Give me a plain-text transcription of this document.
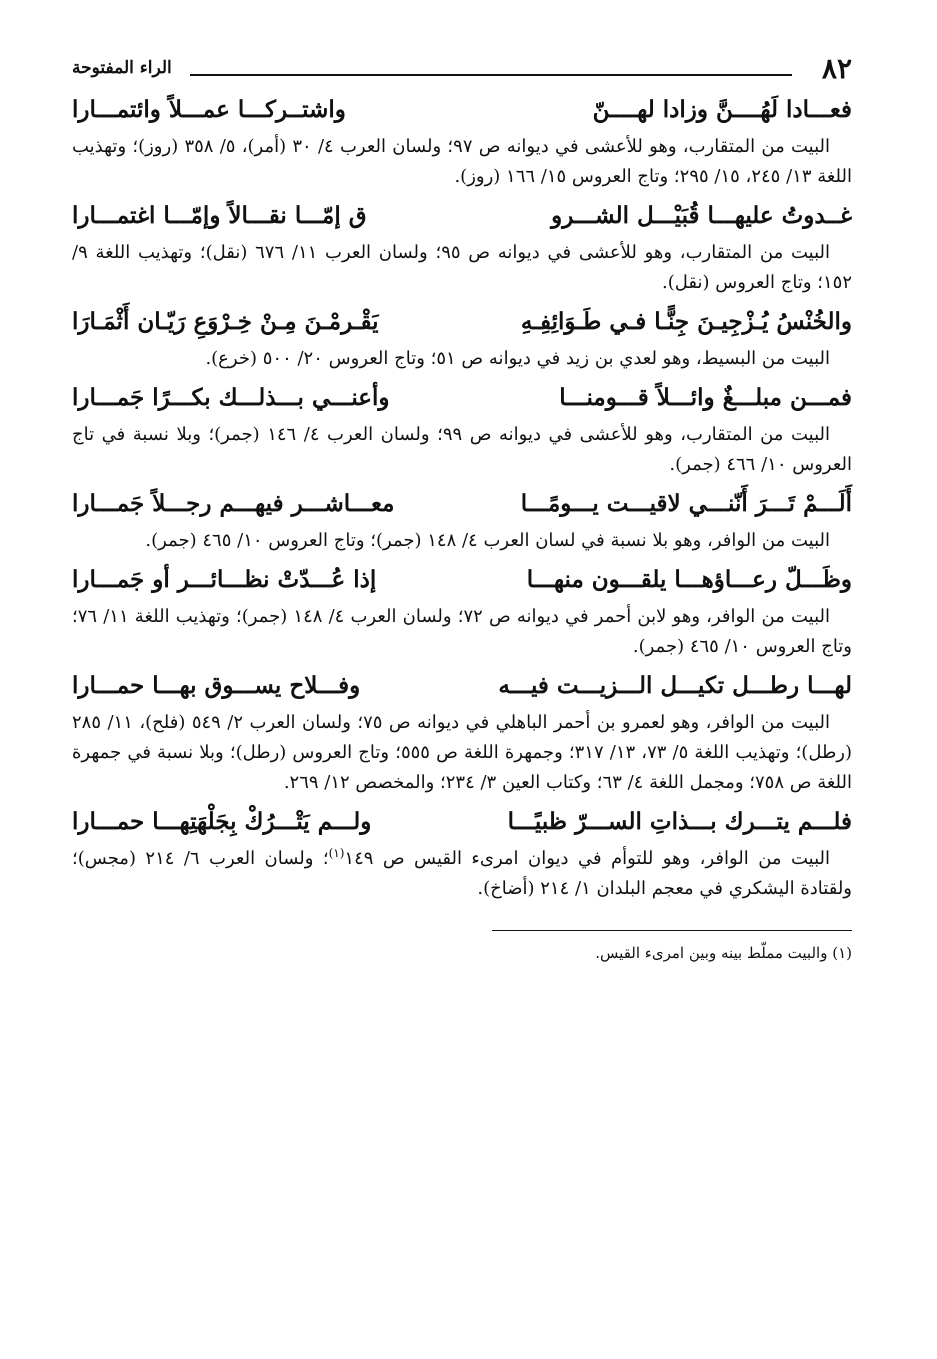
٨٢
الراء المفتوحة
فعـــادا لَهُــــنَّ وزادا لهــــنّ
واشتــركـــا عمـــلاً وائتمـــارا

البيت من المتقارب، وهو للأعشى في ديوانه ص ٩٧؛ ولسان العرب ٤/ ٣٠ (أمر)، ٥/ ٣٥٨ (روز)؛ وتهذيب اللغة ١٣/ ٢٤٥، ١٥/ ٢٩٥؛ وتاج العروس ١٥/ ١٦٦ (روز).

غــدوتُ عليهـــا قُبَيْـــل الشـــرو
ق إمّـــا نقـــالاً وإمّـــا اغتمـــارا

البيت من المتقارب، وهو للأعشى في ديوانه ص ٩٥؛ ولسان العرب ١١/ ٦٧٦ (نقل)؛ وتهذيب اللغة ٩/ ١٥٢؛ وتاج العروس (نقل).

والخُنْسُ يُـزْجِيـنَ جِنًّـا فـي طَـوَائِفِـهِ
يَقْـرمْـنَ مِـنْ خِـرْوَعِ رَيّـان أَثْمَـارَا

البيت من البسيط، وهو لعدي بن زيد في ديوانه ص ٥١؛ وتاج العروس ٢٠/ ٥٠٠ (خرع).

فمـــن مبلـــغٌ وائـــلاً قـــومنـــا
وأعنـــي بـــذلـــك بكـــرًا جَمـــارا

البيت من المتقارب، وهو للأعشى في ديوانه ص ٩٩؛ ولسان العرب ٤/ ١٤٦ (جمر)؛ وبلا نسبة في تاج العروس ١٠/ ٤٦٦ (جمر).

أَلَـــمْ تَـــرَ أَنّنـــي لاقيـــت يـــومًـــا
معـــاشـــر فيهـــم رجـــلاً جَمـــارا

البيت من الوافر، وهو بلا نسبة في لسان العرب ٤/ ١٤٨ (جمر)؛ وتاج العروس ١٠/ ٤٦٥ (جمر).

وظَـــلّ رعـــاؤهـــا يلقـــون منهـــا
إذا عُـــدّتْ نظـــائـــر أو جَمـــارا

البيت من الوافر، وهو لابن أحمر في ديوانه ص ٧٢؛ ولسان العرب ٤/ ١٤٨ (جمر)؛ وتهذيب اللغة ١١/ ٧٦؛ وتاج العروس ١٠/ ٤٦٥ (جمر).

لهـــا رطـــل تكيـــل الـــزيـــت فيـــه
وفـــلاح يســـوق بهـــا حمـــارا

البيت من الوافر، وهو لعمرو بن أحمر الباهلي في ديوانه ص ٧٥؛ ولسان العرب ٢/ ٥٤٩ (فلح)، ١١/ ٢٨٥ (رطل)؛ وتهذيب اللغة ٥/ ٧٣، ١٣/ ٣١٧؛ وجمهرة اللغة ص ٥٥٥؛ وتاج العروس (رطل)؛ وبلا نسبة في جمهرة اللغة ص ٧٥٨؛ ومجمل اللغة ٤/ ٦٣؛ وكتاب العين ٣/ ٢٣٤؛ والمخصص ١٢/ ٢٦٩.

فلـــم يتـــرك بـــذاتِ الســـرّ ظبيًـــا
ولـــم يَتْـــرُكْ بِجَلْهَتِهـــا حمـــارا

البيت من الوافر، وهو للتوأم في ديوان امرىء القيس ص ١٤٩$^{(١)}$؛ ولسان العرب ٦/ ٢١٤ (مجس)؛ ولقتادة اليشكري في معجم البلدان ١/ ٢١٤ (أضاخ).

(١) والبيت مملّط بينه وبين امرىء القيس.
